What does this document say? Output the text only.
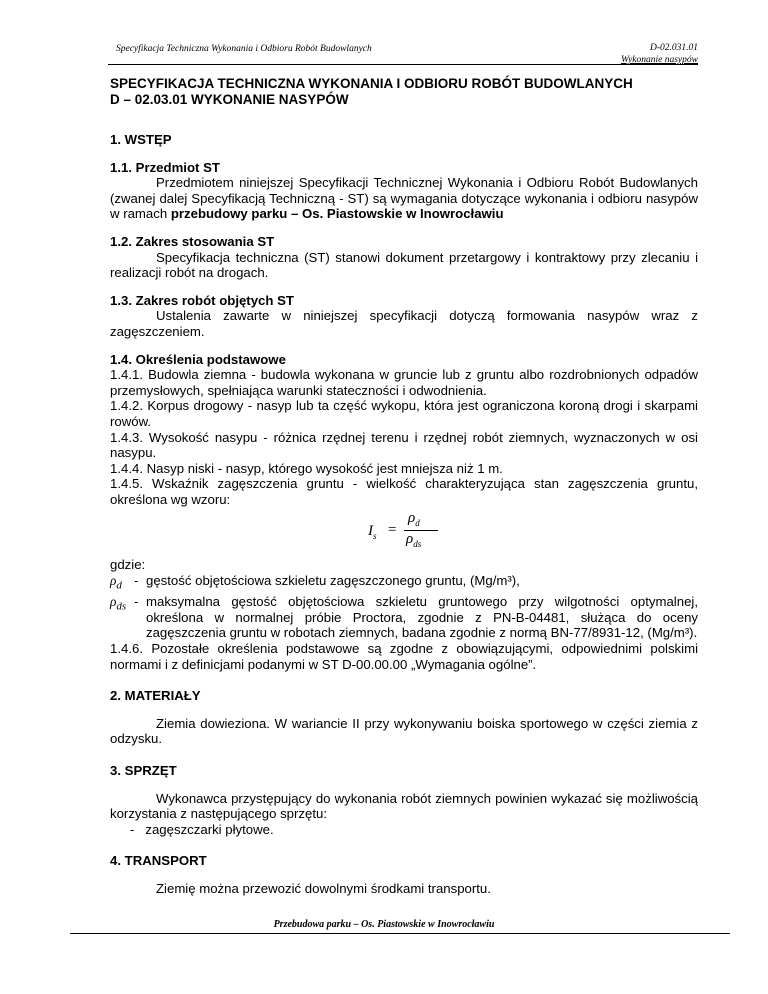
Specyfikacja Techniczna Wykonania i Odbioru Robót Budowlanych	D-02.031.01
Wykonanie nasypów
SPECYFIKACJA TECHNICZNA WYKONANIA I ODBIORU ROBÓT BUDOWLANYCH
D – 02.03.01 WYKONANIE NASYPÓW
1. WSTĘP
1.1. Przedmiot ST

Przedmiotem niniejszej Specyfikacji Technicznej Wykonania i Odbioru Robót Budowlanych (zwanej dalej Specyfikacją Techniczną - ST) są wymagania dotyczące wykonania i odbioru nasypów w ramach przebudowy parku – Os. Piastowskie w Inowrocławiu

1.2. Zakres stosowania ST

Specyfikacja techniczna (ST) stanowi dokument przetargowy i kontraktowy przy zlecaniu i realizacji robót na drogach.

1.3. Zakres robót objętych ST

Ustalenia zawarte w niniejszej specyfikacji dotyczą formowania nasypów wraz z zagęszczeniem.

1.4. Określenia podstawowe

1.4.1. Budowla ziemna - budowla wykonana w gruncie lub z gruntu albo rozdrobnionych odpadów przemysłowych, spełniająca warunki stateczności i odwodnienia.

1.4.2. Korpus drogowy - nasyp lub ta część wykopu, która jest ograniczona koroną drogi i skarpami rowów.

1.4.3. Wysokość nasypu - różnica rzędnej terenu i rzędnej robót ziemnych, wyznaczonych w osi nasypu.

1.4.4. Nasyp niski - nasyp, którego wysokość jest mniejsza niż 1 m.

1.4.5. Wskaźnik zagęszczenia gruntu - wielkość charakteryzująca stan zagęszczenia gruntu, określona wg wzoru:

$I_s$ =
$\rho_d$
$\rho_{ds}$
gdzie:
$\rho_d$ - gęstość objętościowa szkieletu zagęszczonego gruntu, (Mg/m³),
$\rho_{ds}$ - maksymalna gęstość objętościowa szkieletu gruntowego przy wilgotności optymalnej, określona w normalnej próbie Proctora, zgodnie z PN-B-04481, służąca do oceny zagęszczenia gruntu w robotach ziemnych, badana zgodnie z normą BN-77/8931-12, (Mg/m³).

1.4.6. Pozostałe określenia podstawowe są zgodne z obowiązującymi, odpowiednimi polskimi normami i z definicjami podanymi w ST D-00.00.00 „Wymagania ogólne”.

2. MATERIAŁY

Ziemia dowieziona. W wariancie II przy wykonywaniu boiska sportowego w części ziemia z odzysku.

3. SPRZĘT

Wykonawca przystępujący do wykonania robót ziemnych powinien wykazać się możliwością korzystania z następującego sprzętu:

-   zagęszczarki płytowe.
4. TRANSPORT

Ziemię można przewozić dowolnymi środkami transportu.

Przebudowa parku – Os. Piastowskie w Inowrocławiu
